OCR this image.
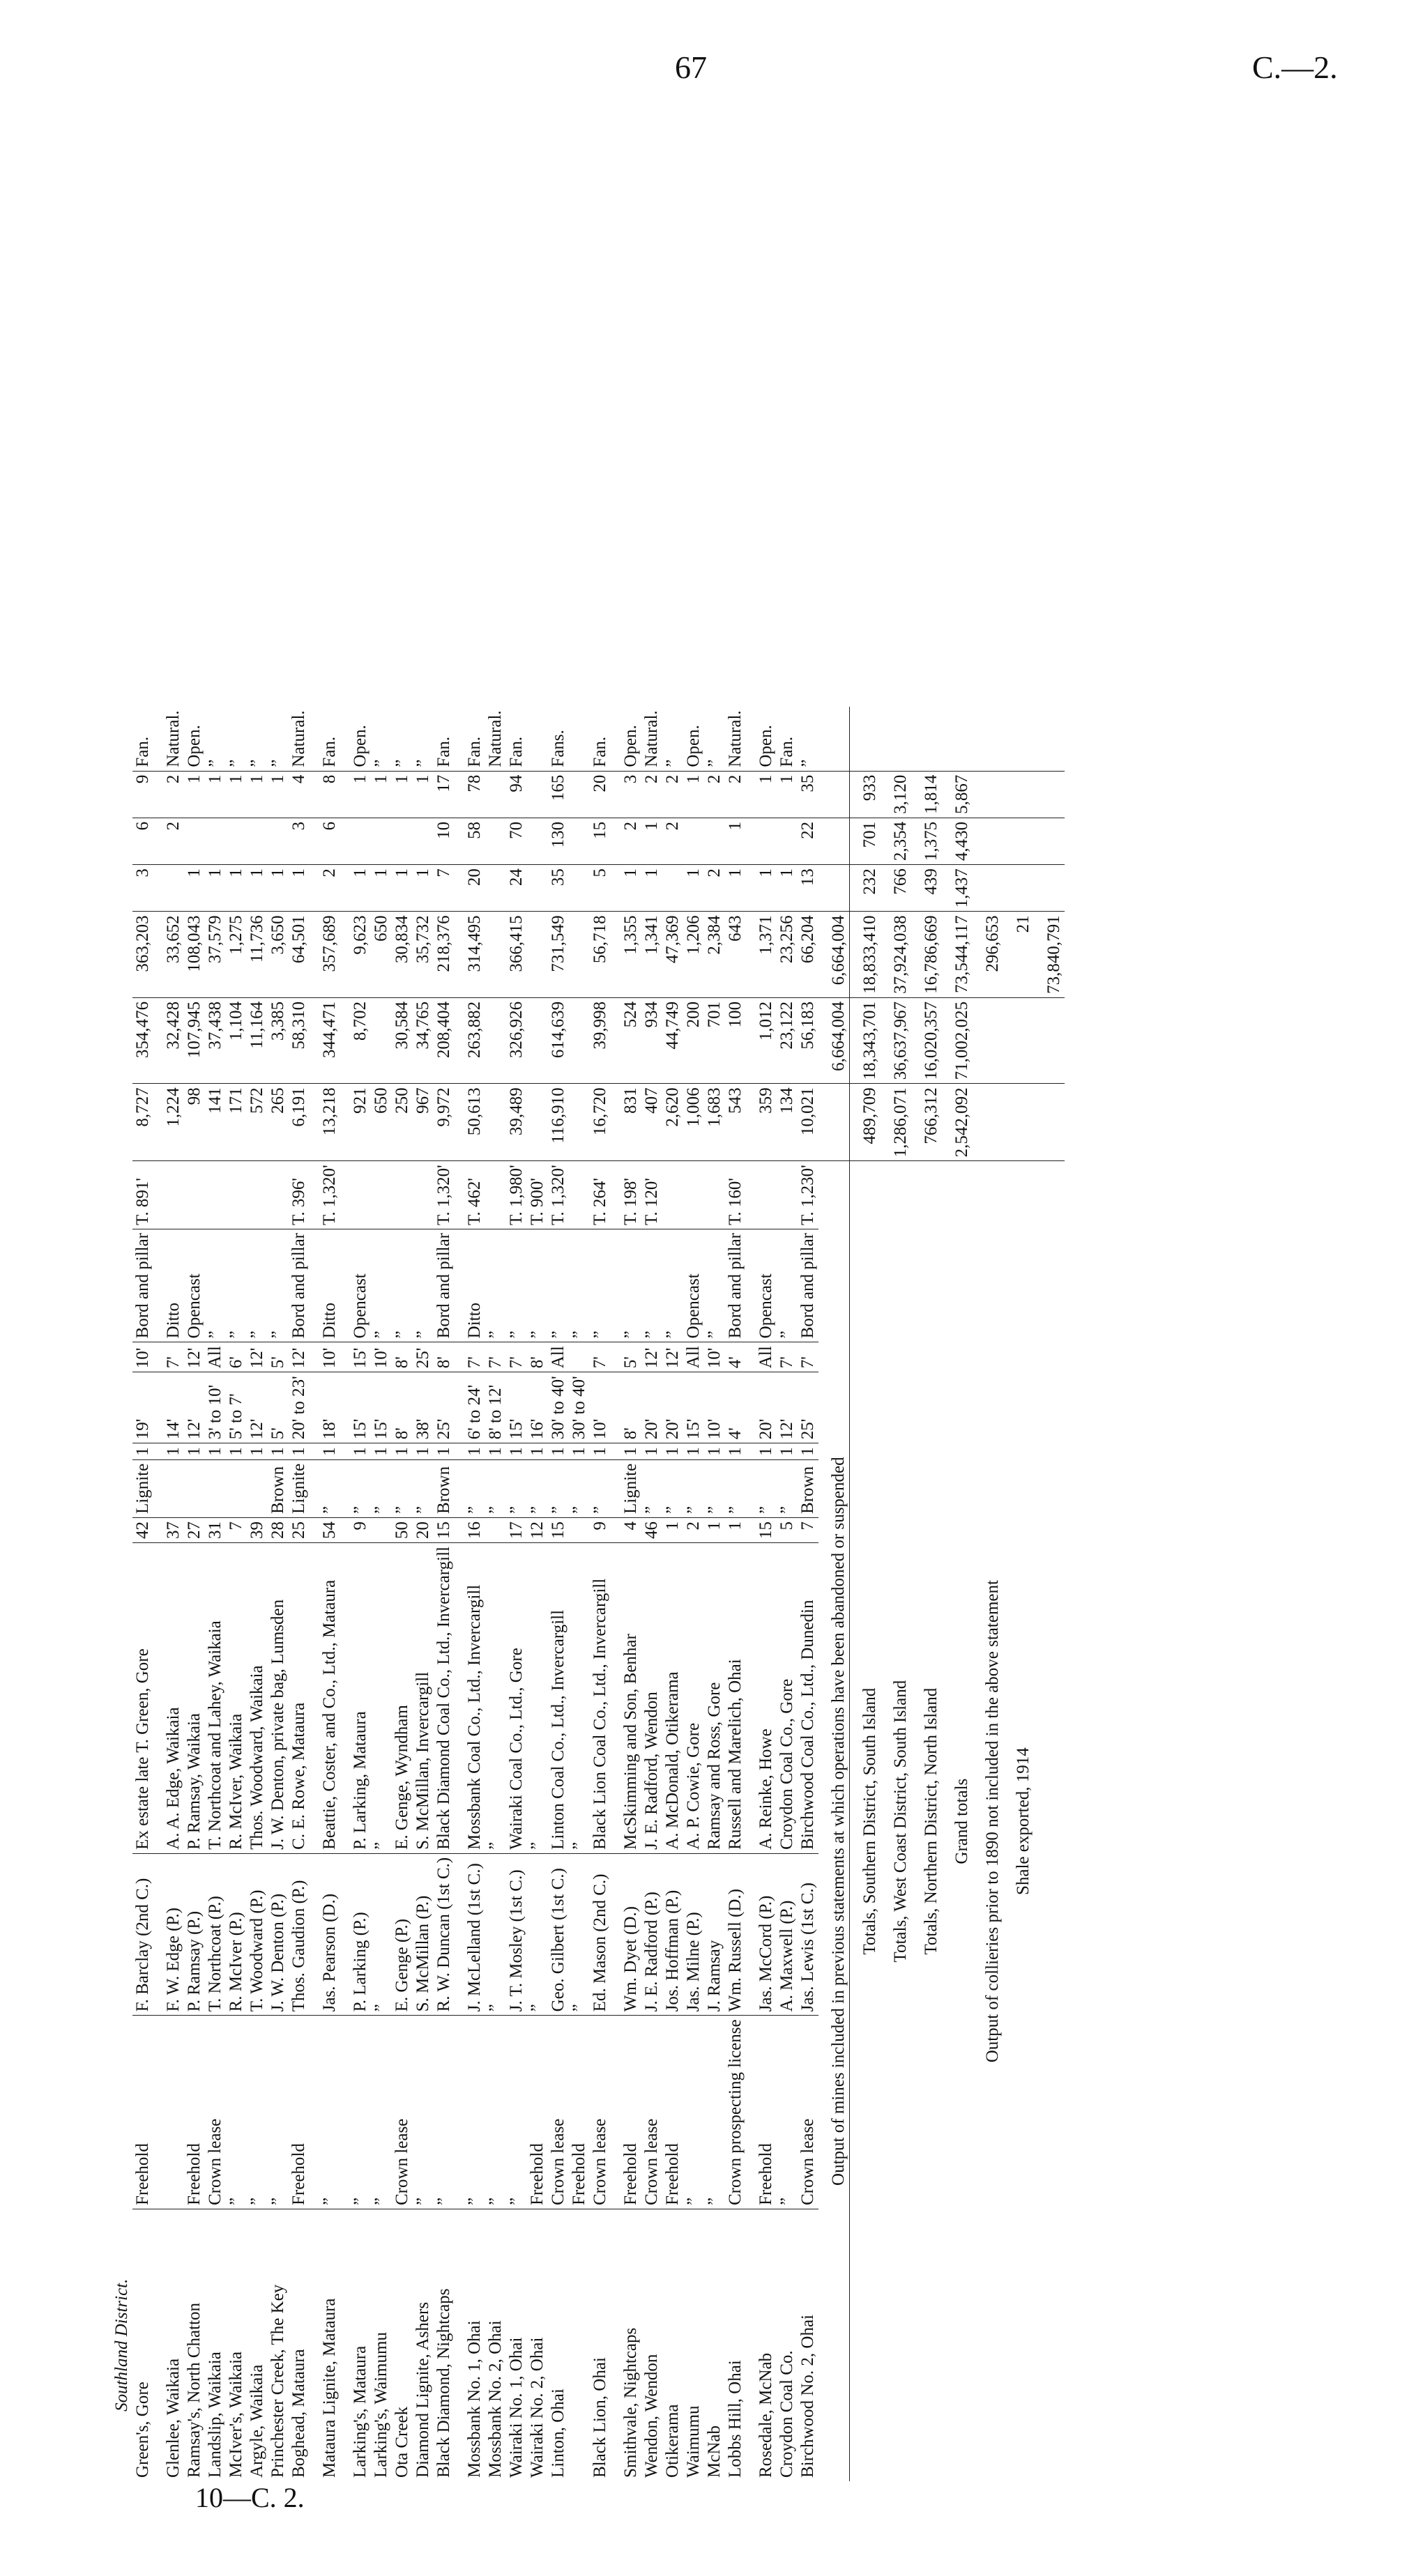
67	C.—2.
10—C. 2.
Southland District.																	
Green's, Gore	Freehold	F. Barclay (2nd C.)	Ex estate late T. Green, Gore	42	Lignite	1	19'	10'	Bord and pillar	T. 891'	8,727	354,476	363,203	3	6	9	Fan.
Glenlee, Waikaia		F. W. Edge (P.)	A. A. Edge, Waikaia	37		1	14'	7'	Ditto		1,224	32,428	33,652		2	2	Natural.
Ramsay's, North Chatton	Freehold	P. Ramsay (P.)	P. Ramsay, Waikaia	27		1	12'	12'	Opencast		98	107,945	108,043	1		1	Open.
Landslip, Waikaia	Crown lease	T. Northcoat (P.)	T. Northcoat and Lahey, Waikaia	31		1	3' to 10'	All	”		141	37,438	37,579	1		1	”
McIver's, Waikaia	”	R. McIver (P.)	R. McIver, Waikaia	7		1	5' to 7'	6'	”		171	1,104	1,275	1		1	”
Argyle, Waikaia	”	T. Woodward (P.)	Thos. Woodward, Waikaia	39		1	12'	12'	”		572	11,164	11,736	1		1	”
Princhester Creek, The Key	”	J. W. Denton (P.)	J. W. Denton, private bag, Lumsden	28	Brown	1	5'	5'	”		265	3,385	3,650	1		1	”
Boghead, Mataura	Freehold	Thos. Gaudion (P.)	C. E. Rowe, Mataura	25	Lignite	1	20' to 23'	12'	Bord and pillar	T. 396'	6,191	58,310	64,501	1	3	4	Natural.
Mataura Lignite, Mataura	”	Jas. Pearson (D.)	Beattie, Coster, and Co., Ltd., Mataura	54	”	1	18'	10'	Ditto	T. 1,320'	13,218	344,471	357,689	2	6	8	Fan.
Larking's, Mataura	”	P. Larking (P.)	P. Larking, Mataura	9	”	1	15'	15'	Opencast		921	8,702	9,623	1		1	Open.
Larking's, Waimumu	”	”	”		”	1	15'	10'	”		650		650	1		1	”
Ota Creek	Crown lease	E. Genge (P.)	E. Genge, Wyndham	50	”	1	8'	8'	”		250	30,584	30,834	1		1	”
Diamond Lignite, Ashers	”	S. McMillan (P.)	S. McMillan, Invercargill	20	”	1	38'	25'	”		967	34,765	35,732	1		1	”
Black Diamond, Nightcaps	”	R. W. Duncan (1st C.)	Black Diamond Coal Co., Ltd., Invercargill	15	Brown	1	25'	8'	Bord and pillar	T. 1,320'	9,972	208,404	218,376	7	10	17	Fan.
Mossbank No. 1, Ohai	”	J. McLelland (1st C.)	Mossbank Coal Co., Ltd., Invercargill	16	”	1	6' to 24'	7'	Ditto	T. 462'	50,613	263,882	314,495	20	58	78	Fan.
Mossbank No. 2, Ohai	”	”	”		”	1	8' to 12'	7'	”								Natural.
Wairaki No. 1, Ohai	”	J. T. Mosley (1st C.)	Wairaki Coal Co., Ltd., Gore	17	”	1	15'	7'	”	T. 1,980'	39,489	326,926	366,415	24	70	94	Fan.
Wairaki No. 2, Ohai	Freehold	”	”	12	”	1	16'	8'	”	T. 900'							
Linton, Ohai	Crown lease	Geo. Gilbert (1st C.)	Linton Coal Co., Ltd., Invercargill	15	”	1	30' to 40'	All	”	T. 1,320'	116,910	614,639	731,549	35	130	165	Fans.
	Freehold	”	”		”	1	30' to 40'		”								
Black Lion, Ohai	Crown lease	Ed. Mason (2nd C.)	Black Lion Coal Co., Ltd., Invercargill	9	”	1	10'	7'	”	T. 264'	16,720	39,998	56,718	5	15	20	Fan.
Smithvale, Nightcaps	Freehold	Wm. Dyet (D.)	McSkimming and Son, Benhar	4	Lignite	1	8'	5'	”	T. 198'	831	524	1,355	1	2	3	Open.
Wendon, Wendon	Crown lease	J. E. Radford (P.)	J. E. Radford, Wendon	46	”	1	20'	12'	”	T. 120'	407	934	1,341	1	1	2	Natural.
Otikerama	Freehold	Jos. Hoffman (P.)	A. McDonald, Otikerama	1	”	1	20'	12'	”		2,620	44,749	47,369		2	2	”
Waimumu	”	Jas. Milne (P.)	A. P. Cowie, Gore	2	”	1	15'	All	Opencast		1,006	200	1,206	1		1	Open.
McNab	”	J. Ramsay	Ramsay and Ross, Gore	1	”	1	10'	10'	”		1,683	701	2,384	2		2	”
Lobbs Hill, Ohai	Crown prospecting license	Wm. Russell (D.)	Russell and Marelich, Ohai	1	”	1	4'	4'	Bord and pillar	T. 160'	543	100	643	1	1	2	Natural.
Rosedale, McNab	Freehold	Jas. McCord (P.)	A. Reinke, Howe	15	”	1	20'	All	Opencast		359	1,012	1,371	1		1	Open.
Croydon Coal Co.	”	A. Maxwell (P.)	Croydon Coal Co., Gore	5	”	1	12'	7'	”		134	23,122	23,256	1		1	Fan.
Birchwood No. 2, Ohai	Crown lease	Jas. Lewis (1st C.)	Birchwood Coal Co., Ltd., Dunedin	7	Brown	1	25'	7'	Bord and pillar	T. 1,230'	10,021	56,183	66,204	13	22	35	”
Output of mines included in previous statements at which operations have been abandoned or suspended												6,664,004	6,664,004				
Totals, Southern District, South Island											489,709	18,343,701	18,833,410	232	701	933	
Totals, West Coast District, South Island											1,286,071	36,637,967	37,924,038	766	2,354	3,120	
Totals, Northern District, North Island											766,312	16,020,357	16,786,669	439	1,375	1,814	
Grand totals											2,542,092	71,002,025	73,544,117	1,437	4,430	5,867	
Output of collieries prior to 1890 not included in the above statement													296,653				
Shale exported, 1914													21				
													73,840,791				
